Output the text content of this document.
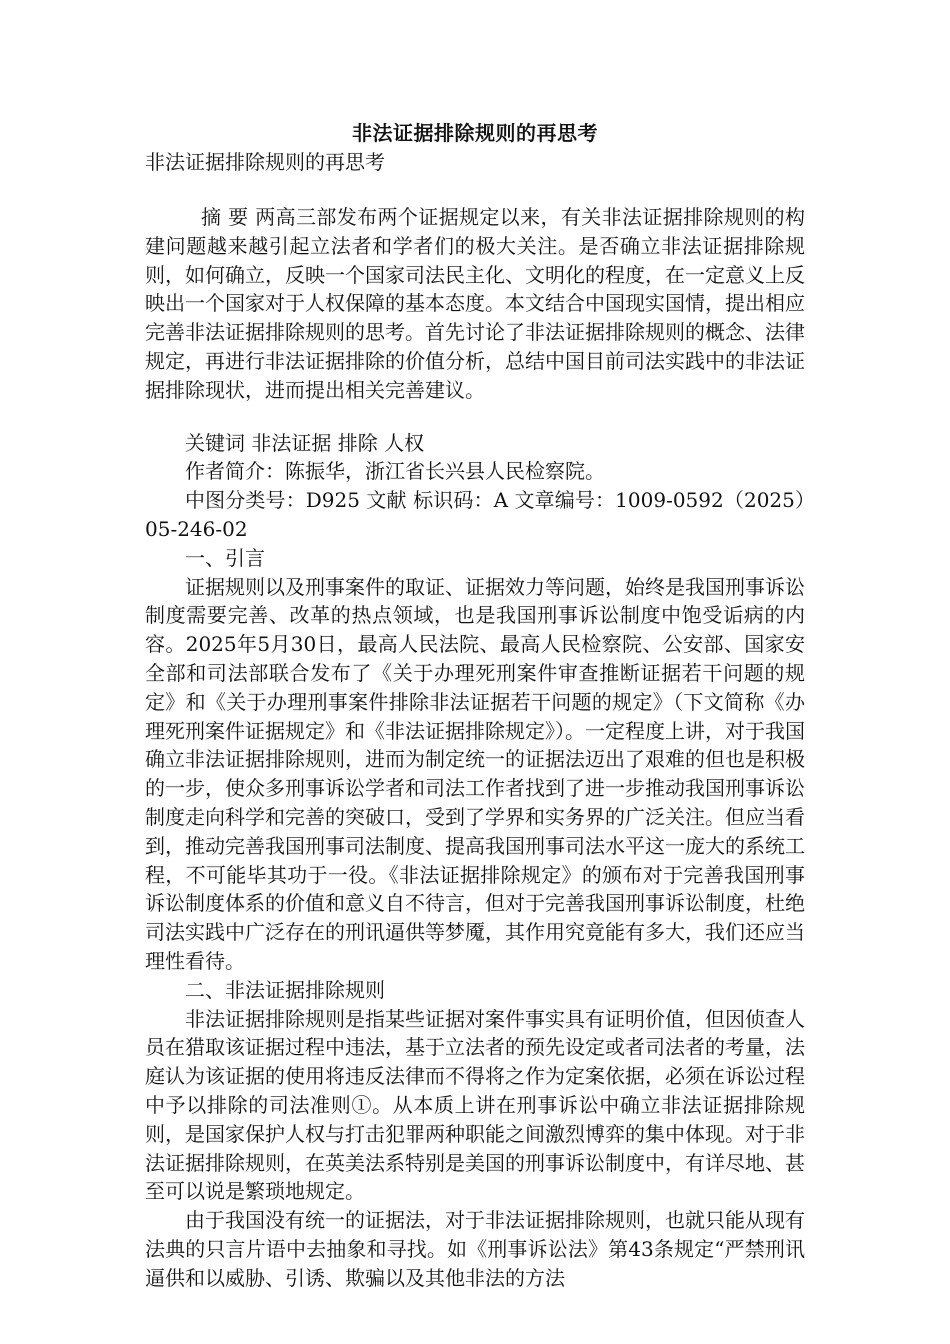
非法证据排除规则的再思考
非法证据排除规则的再思考

摘 要 两高三部发布两个证据规定以来，有关非法证据排除规则的构建问题越来越引起立法者和学者们的极大关注。是否确立非法证据排除规则，如何确立，反映一个国家司法民主化、文明化的程度，在一定意义上反映出一个国家对于人权保障的基本态度。本文结合中国现实国情，提出相应完善非法证据排除规则的思考。首先讨论了非法证据排除规则的概念、法律规定，再进行非法证据排除的价值分析，总结中国目前司法实践中的非法证据排除现状，进而提出相关完善建议。

关键词 非法证据 排除 人权

作者简介：陈振华，浙江省长兴县人民检察院。

中图分类号：D925 文献 标识码：A 文章编号：1009-0592（2025）05-246-02

一、引言

证据规则以及刑事案件的取证、证据效力等问题，始终是我国刑事诉讼制度需要完善、改革的热点领域，也是我国刑事诉讼制度中饱受诟病的内容。2025年5月30日，最高人民法院、最高人民检察院、公安部、国家安全部和司法部联合发布了《关于办理死刑案件审查推断证据若干问题的规定》和《关于办理刑事案件排除非法证据若干问题的规定》（下文简称《办理死刑案件证据规定》和《非法证据排除规定》）。一定程度上讲，对于我国确立非法证据排除规则，进而为制定统一的证据法迈出了艰难的但也是积极的一步，使众多刑事诉讼学者和司法工作者找到了进一步推动我国刑事诉讼制度走向科学和完善的突破口，受到了学界和实务界的广泛关注。但应当看到，推动完善我国刑事司法制度、提高我国刑事司法水平这一庞大的系统工程，不可能毕其功于一役。《非法证据排除规定》的颁布对于完善我国刑事诉讼制度体系的价值和意义自不待言，但对于完善我国刑事诉讼制度，杜绝司法实践中广泛存在的刑讯逼供等梦魇，其作用究竟能有多大，我们还应当理性看待。

二、非法证据排除规则

非法证据排除规则是指某些证据对案件事实具有证明价值，但因侦查人员在猎取该证据过程中违法，基于立法者的预先设定或者司法者的考量，法庭认为该证据的使用将违反法律而不得将之作为定案依据，必须在诉讼过程中予以排除的司法准则①。从本质上讲在刑事诉讼中确立非法证据排除规则，是国家保护人权与打击犯罪两种职能之间激烈博弈的集中体现。对于非法证据排除规则，在英美法系特别是美国的刑事诉讼制度中，有详尽地、甚至可以说是繁琐地规定。

由于我国没有统一的证据法，对于非法证据排除规则，也就只能从现有法典的只言片语中去抽象和寻找。如《刑事诉讼法》第43条规定“严禁刑讯逼供和以威胁、引诱、欺骗以及其他非法的方法
